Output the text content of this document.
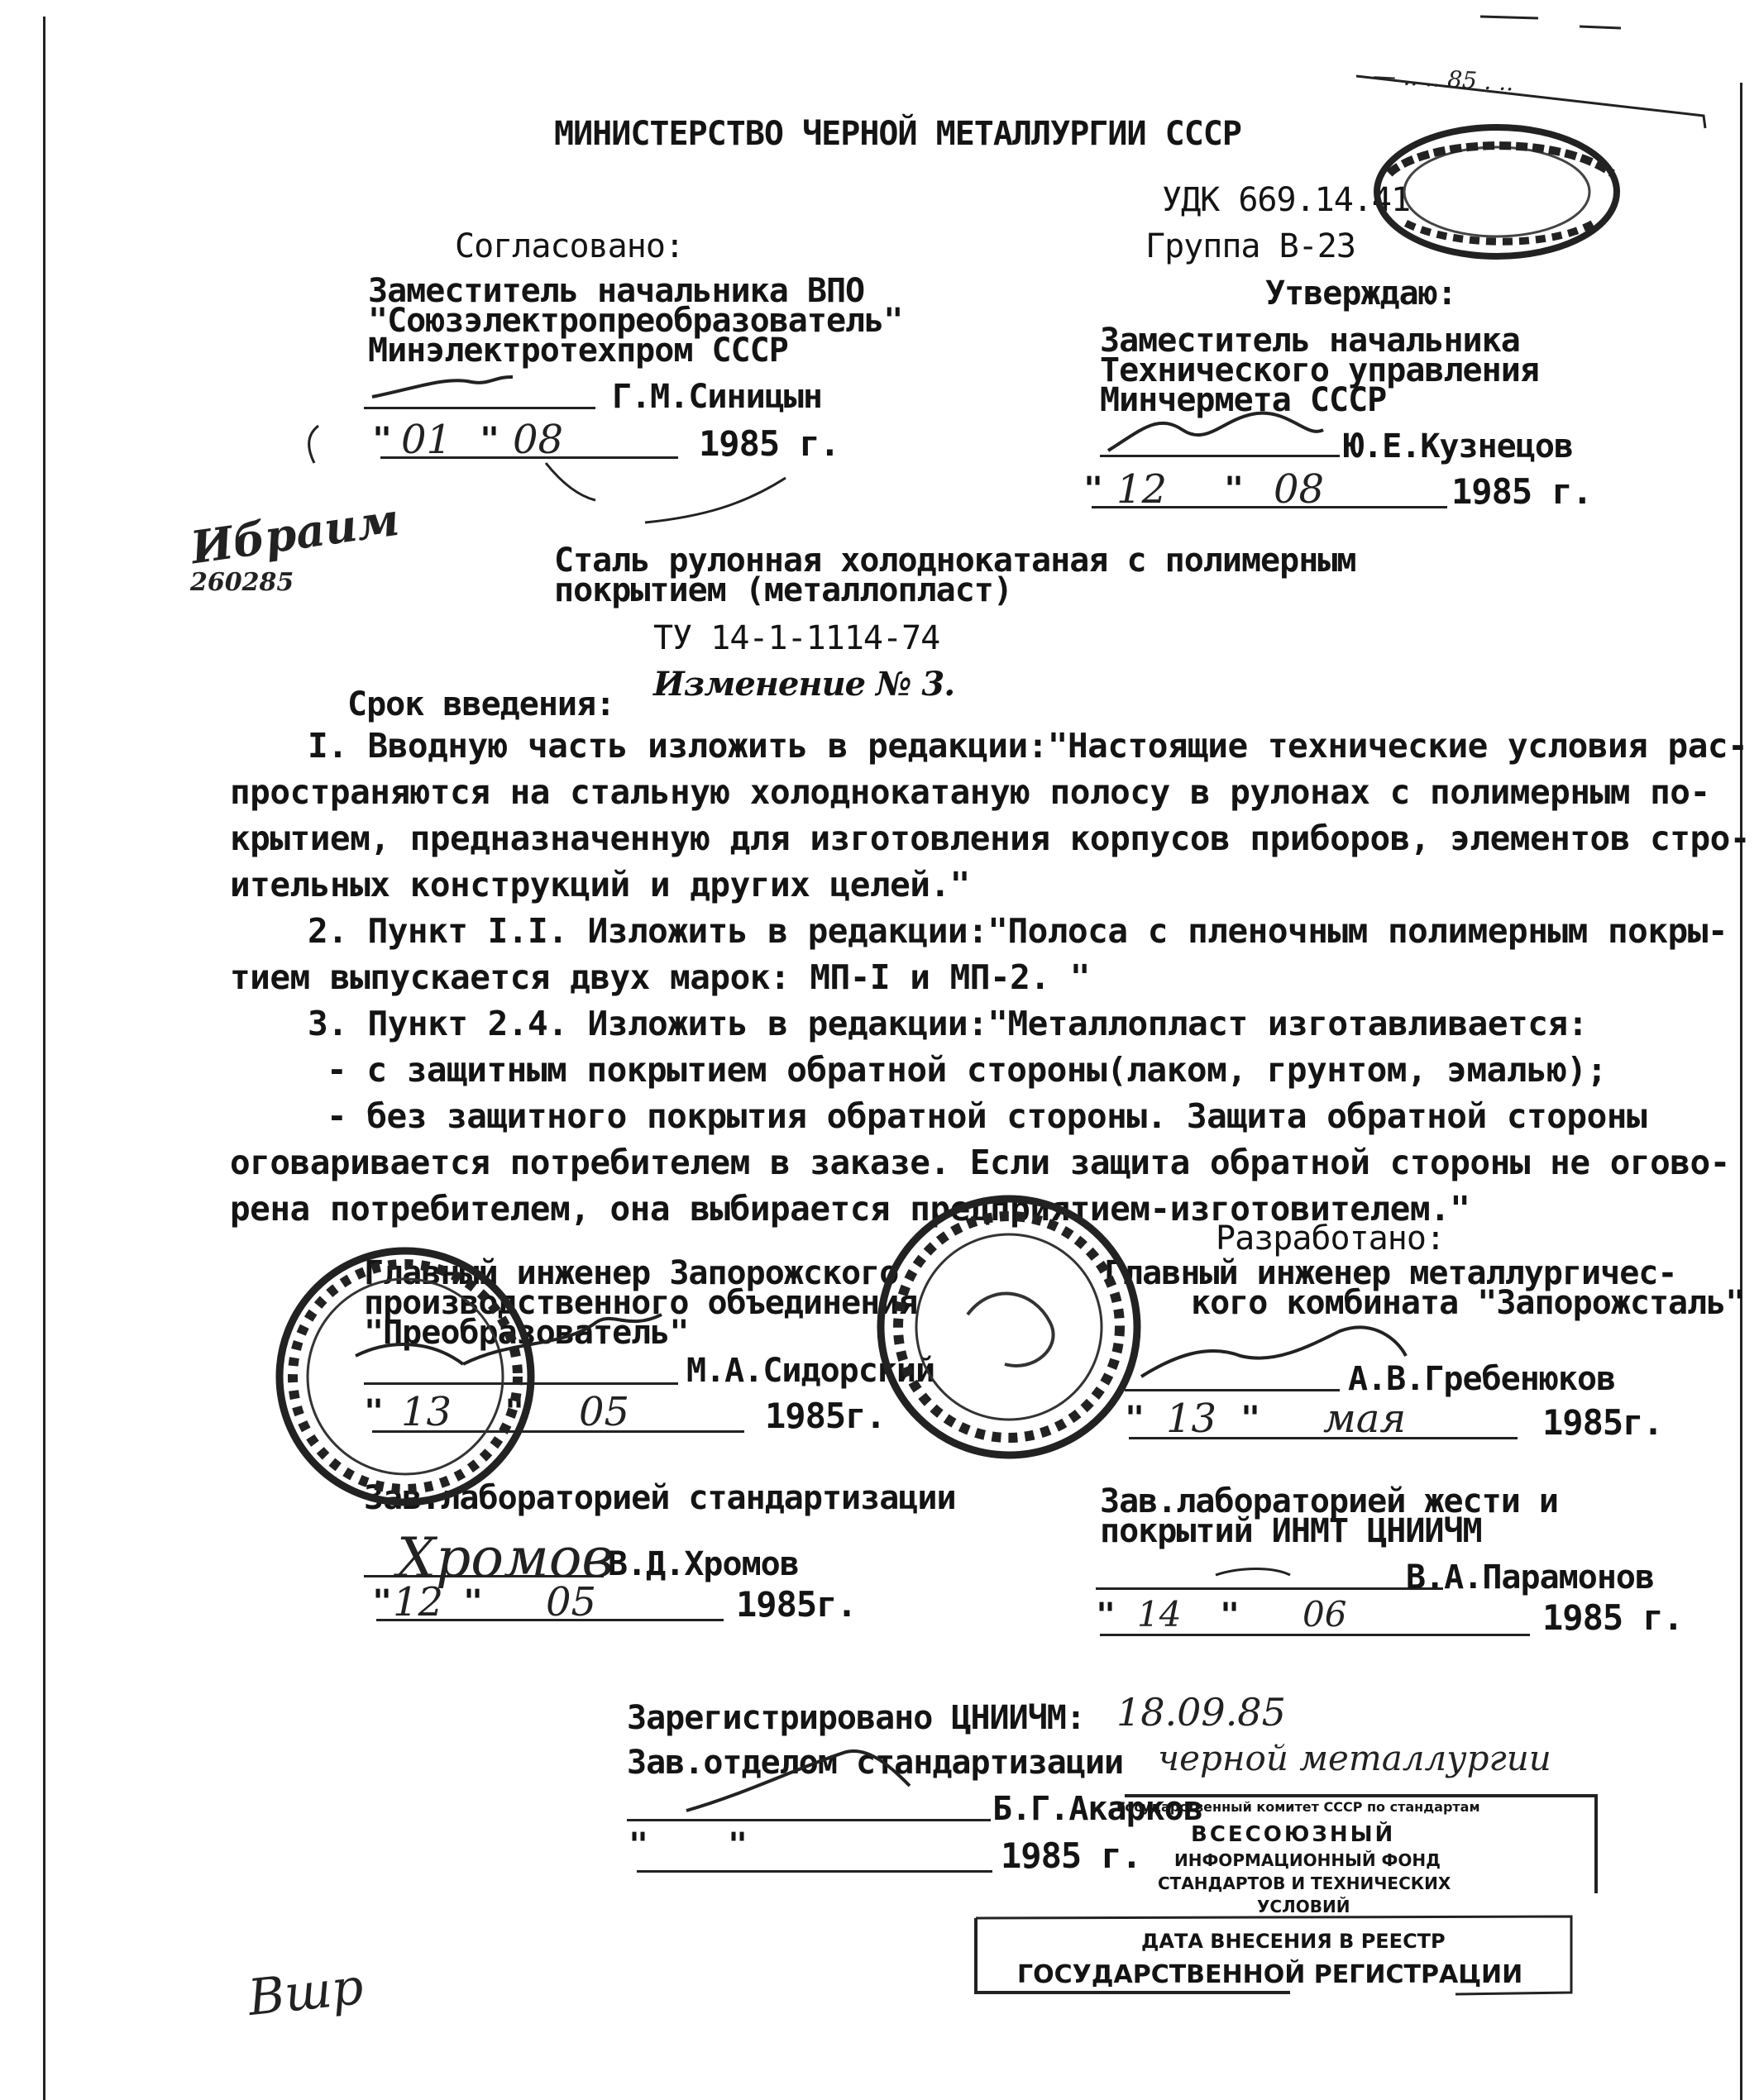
— .. .. 85 . ..
МИНИСТЕРСТВО ЧЕРНОЙ МЕТАЛЛУРГИИ СССР
УДК 669.14.41
Группа В-23
Согласовано:
Заместитель начальника ВПО
"Союзэлектропреобразователь"
Минэлектротехпром СССР
Г.М.Синицын
" 01 " 08	1985 г.
Утверждаю:
Заместитель начальника
Технического управления
Минчермета СССР
Ю.Е.Кузнецов
" 12 " 08	1985 г.
Ибраим
260285
Сталь рулонная холоднокатаная с полимерным
покрытием (металлопласт)
ТУ 14-1-1114-74
Изменение № 3.
Срок введения:
I. Вводную часть изложить в редакции:"Настоящие технические условия рас-
пространяются на стальную холоднокатаную полосу в рулонах с полимерным по-
крытием, предназначенную для изготовления корпусов приборов, элементов стро-
ительных конструкций и других целей."
2. Пункт I.I. Изложить в редакции:"Полоса с пленочным полимерным покры-
тием выпускается двух марок: МП-I и МП-2. "
3. Пункт 2.4. Изложить в редакции:"Металлопласт изготавливается:
- с защитным покрытием обратной стороны(лаком, грунтом, эмалью);
- без защитного покрытия обратной стороны. Защита обратной стороны
оговаривается потребителем в заказе. Если защита обратной стороны не огово-
рена потребителем, она выбирается предприятием-изготовителем."
Разработано:
Главный инженер Запорожского
производственного объединения
"Преобразователь"
М.А.Сидорский
" 13 " 05	1985г.
Главный инженер металлургичес-
кого комбината "Запорожсталь"
А.В.Гребенюков
" 13 " мая	1985г.
Зав.лабораторией стандартизации
Хромов
В.Д.Хромов
" 12 " 05	1985г.
Зав.лабораторией жести и
покрытий ИНМТ ЦНИИЧМ
В.А.Парамонов
" 14 " 06	1985 г.
Зарегистрировано ЦНИИЧМ: 18.09.85
Зав.отделом стандартизации черной металлургии
Б.Г.Акарков
" "	1985 г.
Государственный комитет СССР по стандартам
ВСЕСОЮЗНЫЙ
ИНФОРМАЦИОННЫЙ ФОНД
СТАНДАРТОВ И ТЕХНИЧЕСКИХ
УСЛОВИЙ
ДАТА ВНЕСЕНИЯ В РЕЕСТР
ГОСУДАРСТВЕННОЙ РЕГИСТРАЦИИ
Вшр
